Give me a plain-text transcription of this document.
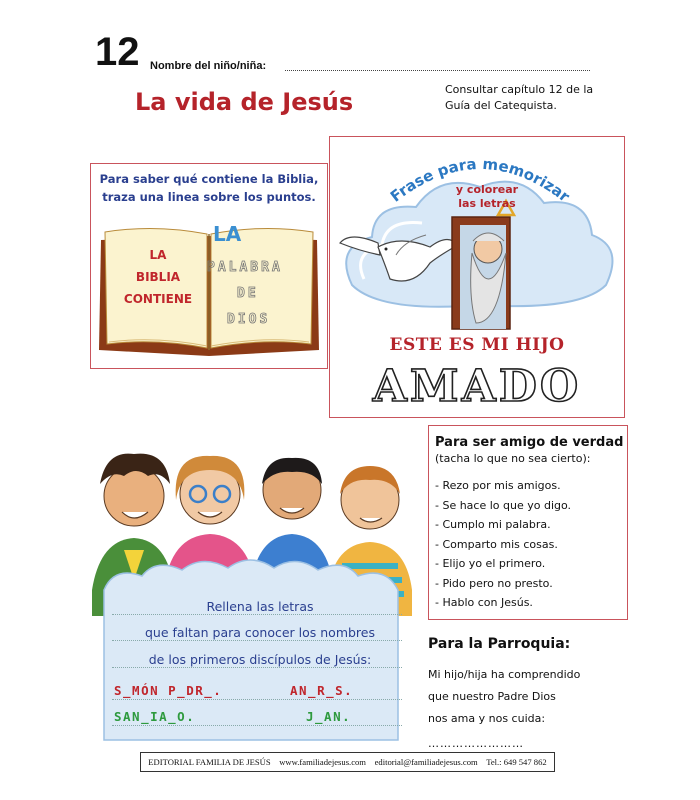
12 Nombre del niño/niña:
La vida de Jesús	Consultar capítulo 12 de la
Guía del Catequista.
Para saber qué contiene la Biblia,
traza una linea sobre los puntos.
LA
BIBLIA
CONTIENE
LA
PALABRA
DE
DIOS
Frase para memorizar
y colorear
las letras
ESTE ES MI HIJO
AMADO
Rellena las letras
que faltan para conocer los nombres
de los primeros discípulos de Jesús:
S_MÓN P_DR_.	AN_R_S.
SAN_IA_O.	J_AN.
Para ser amigo de verdad
(tacha lo que no sea cierto):
- Rezo por mis amigos.
- Se hace lo que yo digo.
- Cumplo mi palabra.
- Comparto mis cosas.
- Elijo yo el primero.
- Pido pero no presto.
- Hablo con Jesús.
Para la Parroquia:
Mi hijo/hija ha comprendido
que nuestro Padre Dios
nos ama y nos cuida:
……………………
EDITORIAL FAMILIA DE JESÚS www.familiadejesus.com editorial@familiadejesus.com Tel.: 649 547 862
